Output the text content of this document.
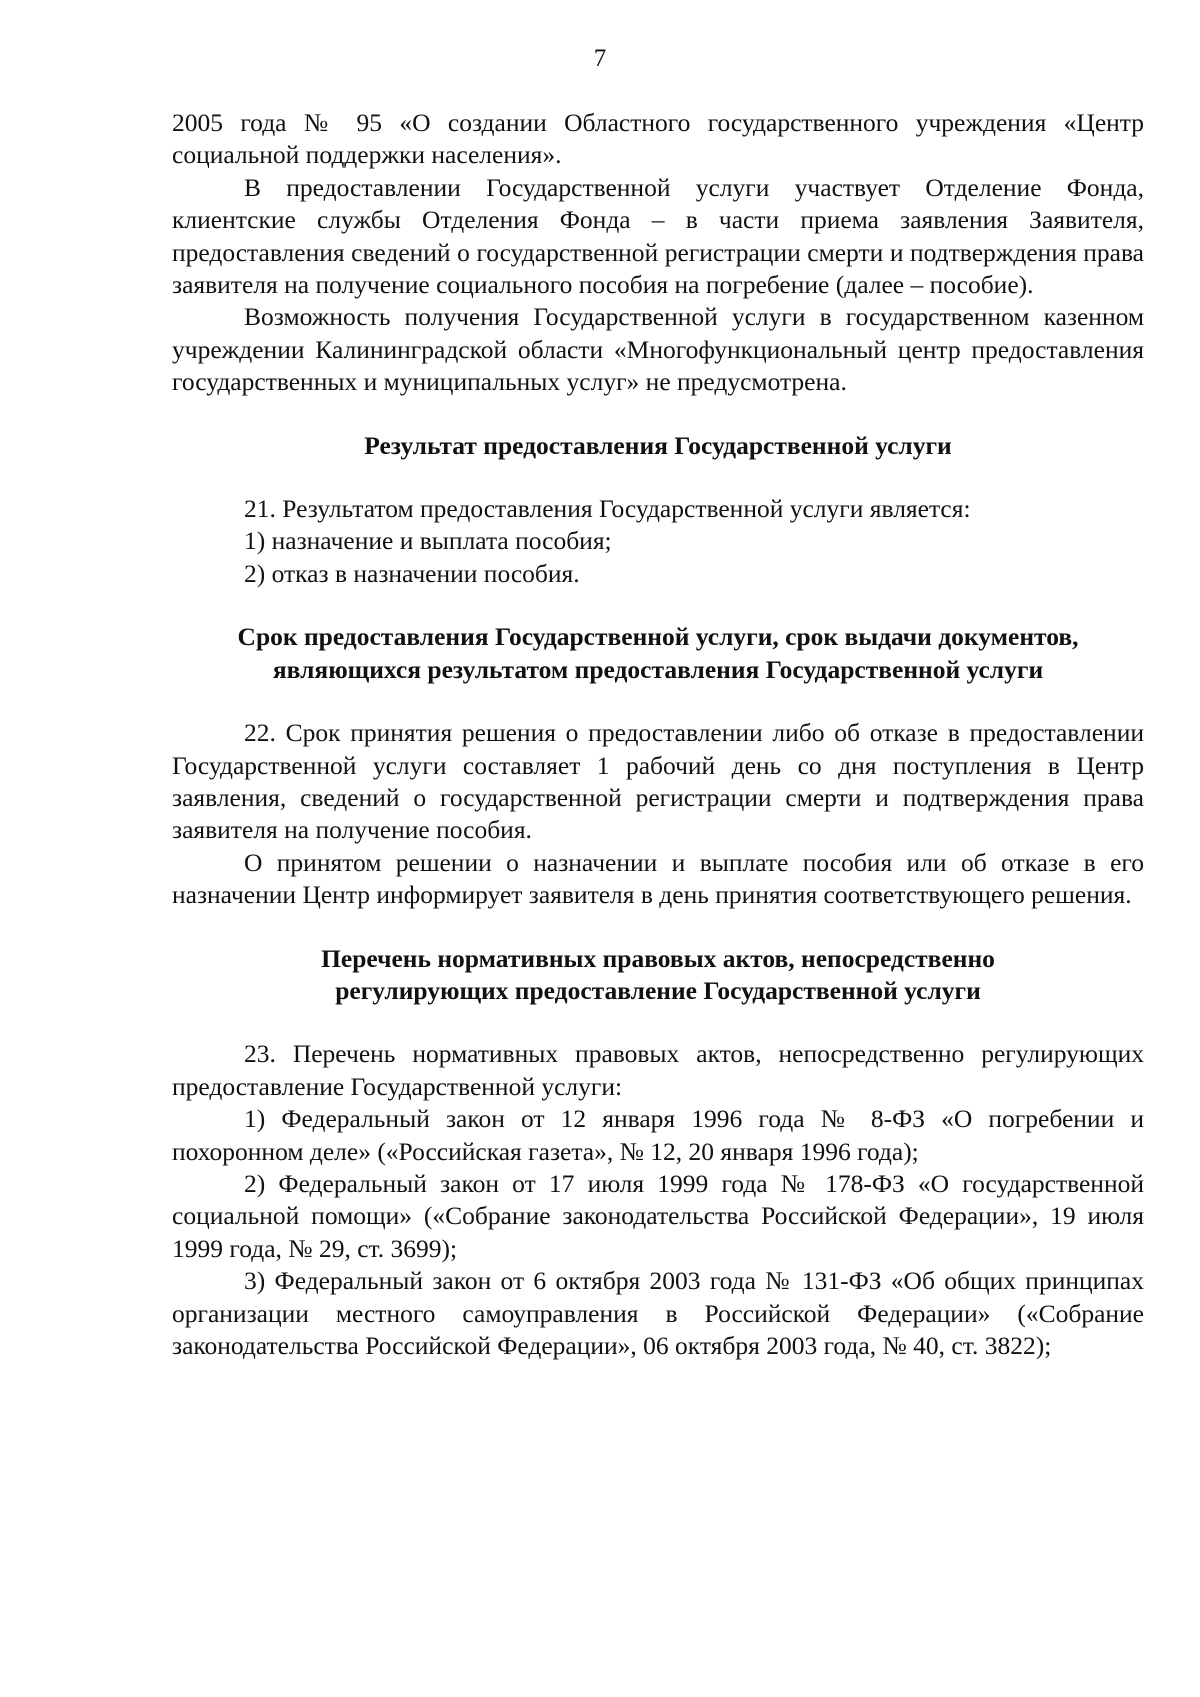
7

2005 года № 95 «О создании Областного государственного учреждения «Центр социальной поддержки населения».

В предоставлении Государственной услуги участвует Отделение Фонда, клиентские службы Отделения Фонда – в части приема заявления Заявителя, предоставления сведений о государственной регистрации смерти и подтверждения права заявителя на получение социального пособия на погребение (далее – пособие).

Возможность получения Государственной услуги в государственном казенном учреждении Калининградской области «Многофункциональный центр предоставления государственных и муниципальных услуг» не предусмотрена.

Результат предоставления Государственной услуги

21. Результатом предоставления Государственной услуги является:

1) назначение и выплата пособия;

2) отказ в назначении пособия.

Срок предоставления Государственной услуги, срок выдачи документов,
являющихся результатом предоставления Государственной услуги

22. Срок принятия решения о предоставлении либо об отказе в предоставлении Государственной услуги составляет 1 рабочий день со дня поступления в Центр заявления, сведений о государственной регистрации смерти и подтверждения права заявителя на получение пособия.

О принятом решении о назначении и выплате пособия или об отказе в его назначении Центр информирует заявителя в день принятия соответствующего решения.

Перечень нормативных правовых актов, непосредственно
регулирующих предоставление Государственной услуги

23. Перечень нормативных правовых актов, непосредственно регулирующих предоставление Государственной услуги:

1) Федеральный закон от 12 января 1996 года № 8-ФЗ «О погребении и похоронном деле» («Российская газета», № 12, 20 января 1996 года);

2) Федеральный закон от 17 июля 1999 года № 178-ФЗ «О государственной социальной помощи» («Собрание законодательства Российской Федерации», 19 июля 1999 года, № 29, ст. 3699);

3) Федеральный закон от 6 октября 2003 года № 131-ФЗ «Об общих принципах организации местного самоуправления в Российской Федерации» («Собрание законодательства Российской Федерации», 06 октября 2003 года, № 40, ст. 3822);
